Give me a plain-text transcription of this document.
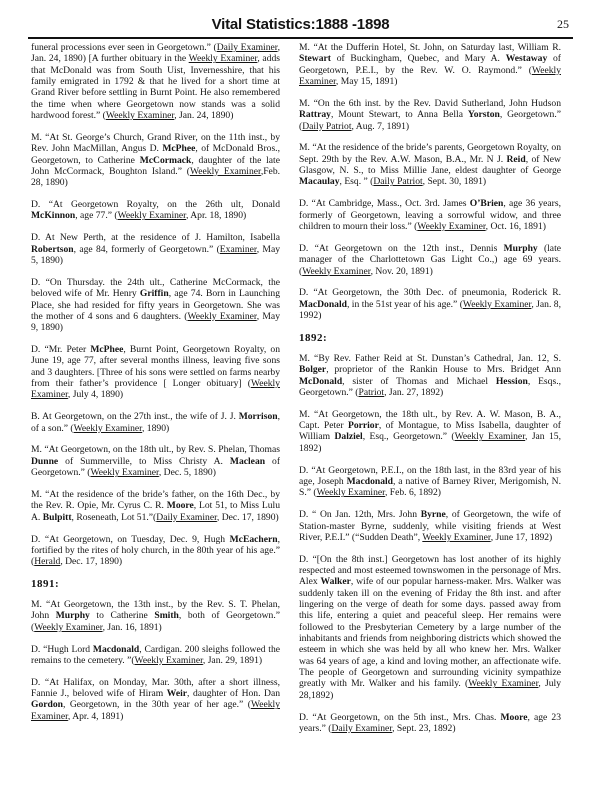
Vital Statistics:1888 -1898	25

funeral processions ever seen in Georgetown.” (Daily Examiner, Jan. 24, 1890) [A further obituary in the Weekly Examiner, adds that McDonald was from South Uist, Invernesshire, that his family emigrated in 1792 & that he lived for a short time at Grand River before settling in Burnt Point. He also remembered the time when where Georgetown now stands was a solid hardwood forest.” (Weekly Examiner, Jan. 24, 1890)

M. “At St. George’s Church, Grand River, on the 11th inst., by Rev. John MacMillan, Angus D. McPhee, of McDonald Bros., Georgetown, to Catherine McCormack, daughter of the late John McCormack, Boughton Island.” (Weekly Examiner,Feb. 28, 1890)

D. “At Georgetown Royalty, on the 26th ult, Donald McKinnon, age 77.” (Weekly Examiner, Apr. 18, 1890)

D. At New Perth, at the residence of J. Hamilton, Isabella Robertson, age 84, formerly of Georgetown.” (Examiner, May 5, 1890)

D. “On Thursday. the 24th ult., Catherine McCormack, the beloved wife of Mr. Henry Griffin, age 74. Born in Launching Place, she had resided for fifty years in Georgetown. She was the mother of 4 sons and 6 daughters. (Weekly Examiner, May 9, 1890)

D. “Mr. Peter McPhee, Burnt Point, Georgetown Royalty, on June 19, age 77, after several months illness, leaving five sons and 3 daughters. [Three of his sons were settled on farms nearby from their father’s providence [ Longer obituary] (Weekly Examiner, July 4, 1890)

B. At Georgetown, on the 27th inst., the wife of J. J. Morrison, of a son.” (Weekly Examiner, 1890)

M. “At Georgetown, on the 18th ult., by Rev. S. Phelan, Thomas Dunne of Summerville, to Miss Christy A. Maclean of Georgetown.” (Weekly Examiner, Dec. 5, 1890)

M. “At the residence of the bride’s father, on the 16th Dec., by the Rev. R. Opie, Mr. Cyrus C. R. Moore, Lot 51, to Miss Lulu A. Bulpitt, Roseneath, Lot 51.”(Daily Examiner, Dec. 17, 1890)

D. “At Georgetown, on Tuesday, Dec. 9, Hugh McEachern, fortified by the rites of holy church, in the 80th year of his age.” (Herald, Dec. 17, 1890)

1891:

M. “At Georgetown, the 13th inst., by the Rev. S. T. Phelan, John Murphy to Catherine Smith, both of Georgetown.” (Weekly Examiner, Jan. 16, 1891)

D. “Hugh Lord Macdonald, Cardigan. 200 sleighs followed the remains to the cemetery. ”(Weekly Examiner, Jan. 29, 1891)

D. “At Halifax, on Monday, Mar. 30th, after a short illness, Fannie J., beloved wife of Hiram Weir, daughter of Hon. Dan Gordon, Georgetown, in the 30th year of her age.” (Weekly Examiner, Apr. 4, 1891)

M. “At the Dufferin Hotel, St. John, on Saturday last, William R. Stewart of Buckingham, Quebec, and Mary A. Westaway of Georgetown, P.E.I., by the Rev. W. O. Raymond.” (Weekly Examiner, May 15, 1891)

M. “On the 6th inst. by the Rev. David Sutherland, John Hudson Rattray, Mount Stewart, to Anna Bella Yorston, Georgetown.” (Daily Patriot, Aug. 7, 1891)

M. “At the residence of the bride’s parents, Georgetown Royalty, on Sept. 29th by the Rev. A.W. Mason, B.A., Mr. N J. Reid, of New Glasgow, N. S., to Miss Millie Jane, eldest daughter of George Macaulay, Esq. ” (Daily Patriot, Sept. 30, 1891)

D. “At Cambridge, Mass., Oct. 3rd. James O’Brien, age 36 years, formerly of Georgetown, leaving a sorrowful widow, and three children to mourn their loss.” (Weekly Examiner, Oct. 16, 1891)

D. “At Georgetown on the 12th inst., Dennis Murphy (late manager of the Charlottetown Gas Light Co.,) age 69 years. (Weekly Examiner, Nov. 20, 1891)

D. “At Georgetown, the 30th Dec. of pneumonia, Roderick R. MacDonald, in the 51st year of his age.” (Weekly Examiner, Jan. 8, 1992)

1892:

M. “By Rev. Father Reid at St. Dunstan’s Cathedral, Jan. 12, S. Bolger, proprietor of the Rankin House to Mrs. Bridget Ann McDonald, sister of Thomas and Michael Hession, Esqs., Georgetown.” (Patriot, Jan. 27, 1892)

M. “At Georgetown, the 18th ult., by Rev. A. W. Mason, B. A., Capt. Peter Porrior, of Montague, to Miss Isabella, daughter of William Dalziel, Esq., Georgetown.” (Weekly Examiner, Jan 15, 1892)

D. “At Georgetown, P.E.I., on the 18th last, in the 83rd year of his age, Joseph Macdonald, a native of Barney River, Merigomish, N. S.” (Weekly Examiner, Feb. 6, 1892)

D. “ On Jan. 12th, Mrs. John Byrne, of Georgetown, the wife of Station-master Byrne, suddenly, while visiting friends at West River, P.E.I.” (“Sudden Death”, Weekly Examiner, June 17, 1892)

D. “[On the 8th inst.] Georgetown has lost another of its highly respected and most esteemed townswomen in the personage of Mrs. Alex Walker, wife of our popular harness-maker. Mrs. Walker was suddenly taken ill on the evening of Friday the 8th inst. and after lingering on the verge of death for some days. passed away from this life, entering a quiet and peaceful sleep. Her remains were followed to the Presbyterian Cemetery by a large number of the inhabitants and friends from neighboring districts which showed the esteem in which she was held by all who knew her. Mrs. Walker was 64 years of age, a kind and loving mother, an affectionate wife. The people of Georgetown and surrounding vicinity sympathize greatly with Mr. Walker and his family. (Weekly Examiner, July 28,1892)

D. “At Georgetown, on the 5th inst., Mrs. Chas. Moore, age 23 years.” (Daily Examiner, Sept. 23, 1892)
